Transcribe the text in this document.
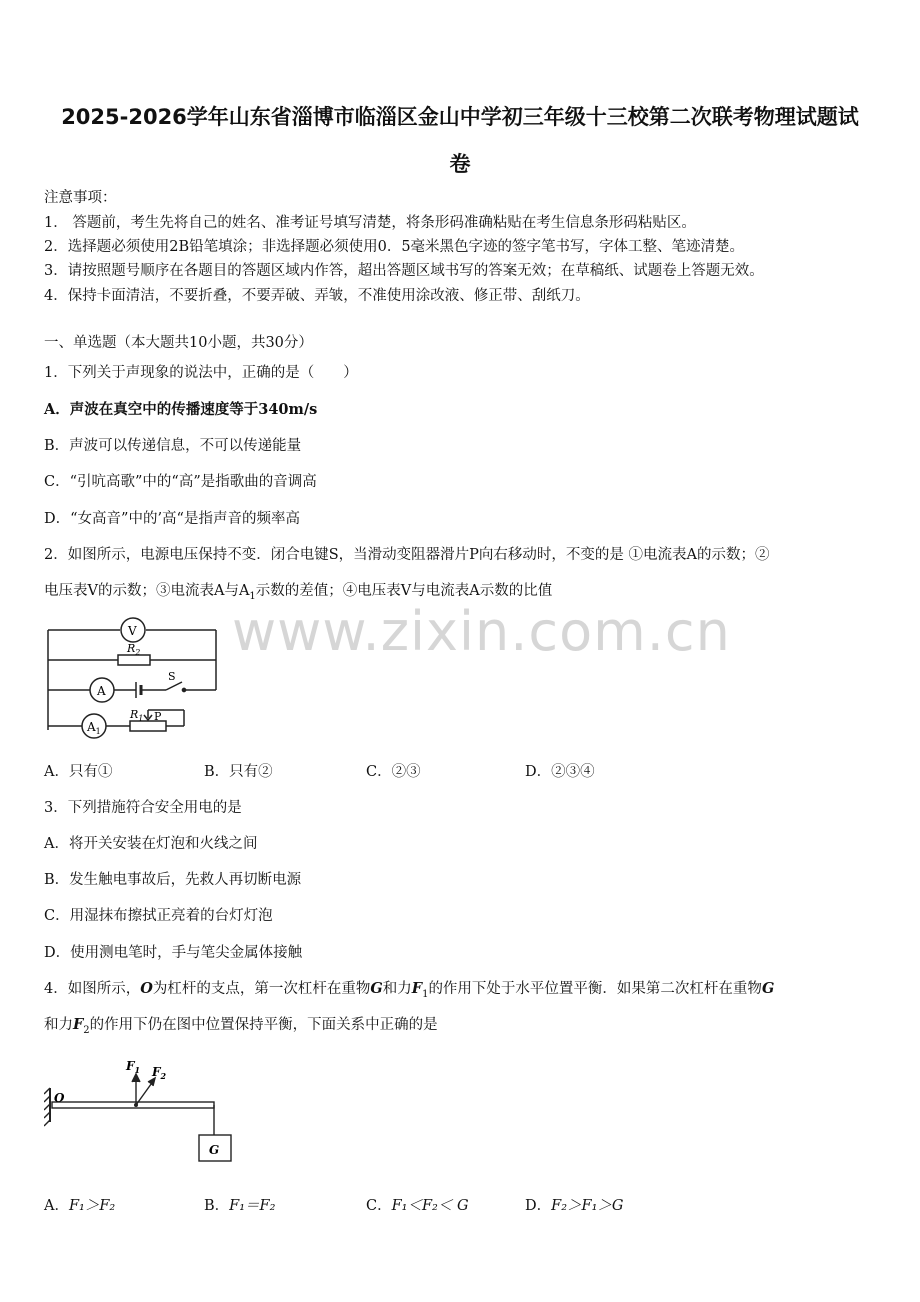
2025-2026学年山东省淄博市临淄区金山中学初三年级十三校第二次联考物理试题试
卷
注意事项：
1． 答题前，考生先将自己的姓名、准考证号填写清楚，将条形码准确粘贴在考生信息条形码粘贴区。
2．选择题必须使用2B铅笔填涂；非选择题必须使用0．5毫米黑色字迹的签字笔书写，字体工整、笔迹清楚。
3．请按照题号顺序在各题目的答题区域内作答，超出答题区域书写的答案无效；在草稿纸、试题卷上答题无效。
4．保持卡面清洁，不要折叠，不要弄破、弄皱，不准使用涂改液、修正带、刮纸刀。
一、单选题（本大题共10小题，共30分）
1．下列关于声现象的说法中，正确的是（　　）
A．声波在真空中的传播速度等于340m/s
B．声波可以传递信息，不可以传递能量
C．“引吭高歌”中的“高”是指歌曲的音调高
D．“女高音”中的’高“是指声音的频率高
2．如图所示，电源电压保持不变．闭合电键S，当滑动变阻器滑片P向右移动时，不变的是 ①电流表A的示数；②
电压表V的示数；③电流表A与$A_1$示数的差值；④电压表V与电流表A示数的比值
www.zixin.com.cn
V
$R_2$
A
S
$A_1$
$R_1$ P
A．只有①	B．只有②	C．②③	D．②③④
3．下列措施符合安全用电的是
A．将开关安装在灯泡和火线之间
B．发生触电事故后，先救人再切断电源
C．用湿抹布擦拭正亮着的台灯灯泡
D．使用测电笔时，手与笔尖金属体接触
4．如图所示，O为杠杆的支点，第一次杠杆在重物G和力$F_1$的作用下处于水平位置平衡．如果第二次杠杆在重物G
和力$F_2$的作用下仍在图中位置保持平衡，下面关系中正确的是
O
$F_1$ $F_2$
G
A．F₁＞F₂	B．F₁＝F₂	C．F₁＜F₂＜ G	D．F₂＞F₁＞G
